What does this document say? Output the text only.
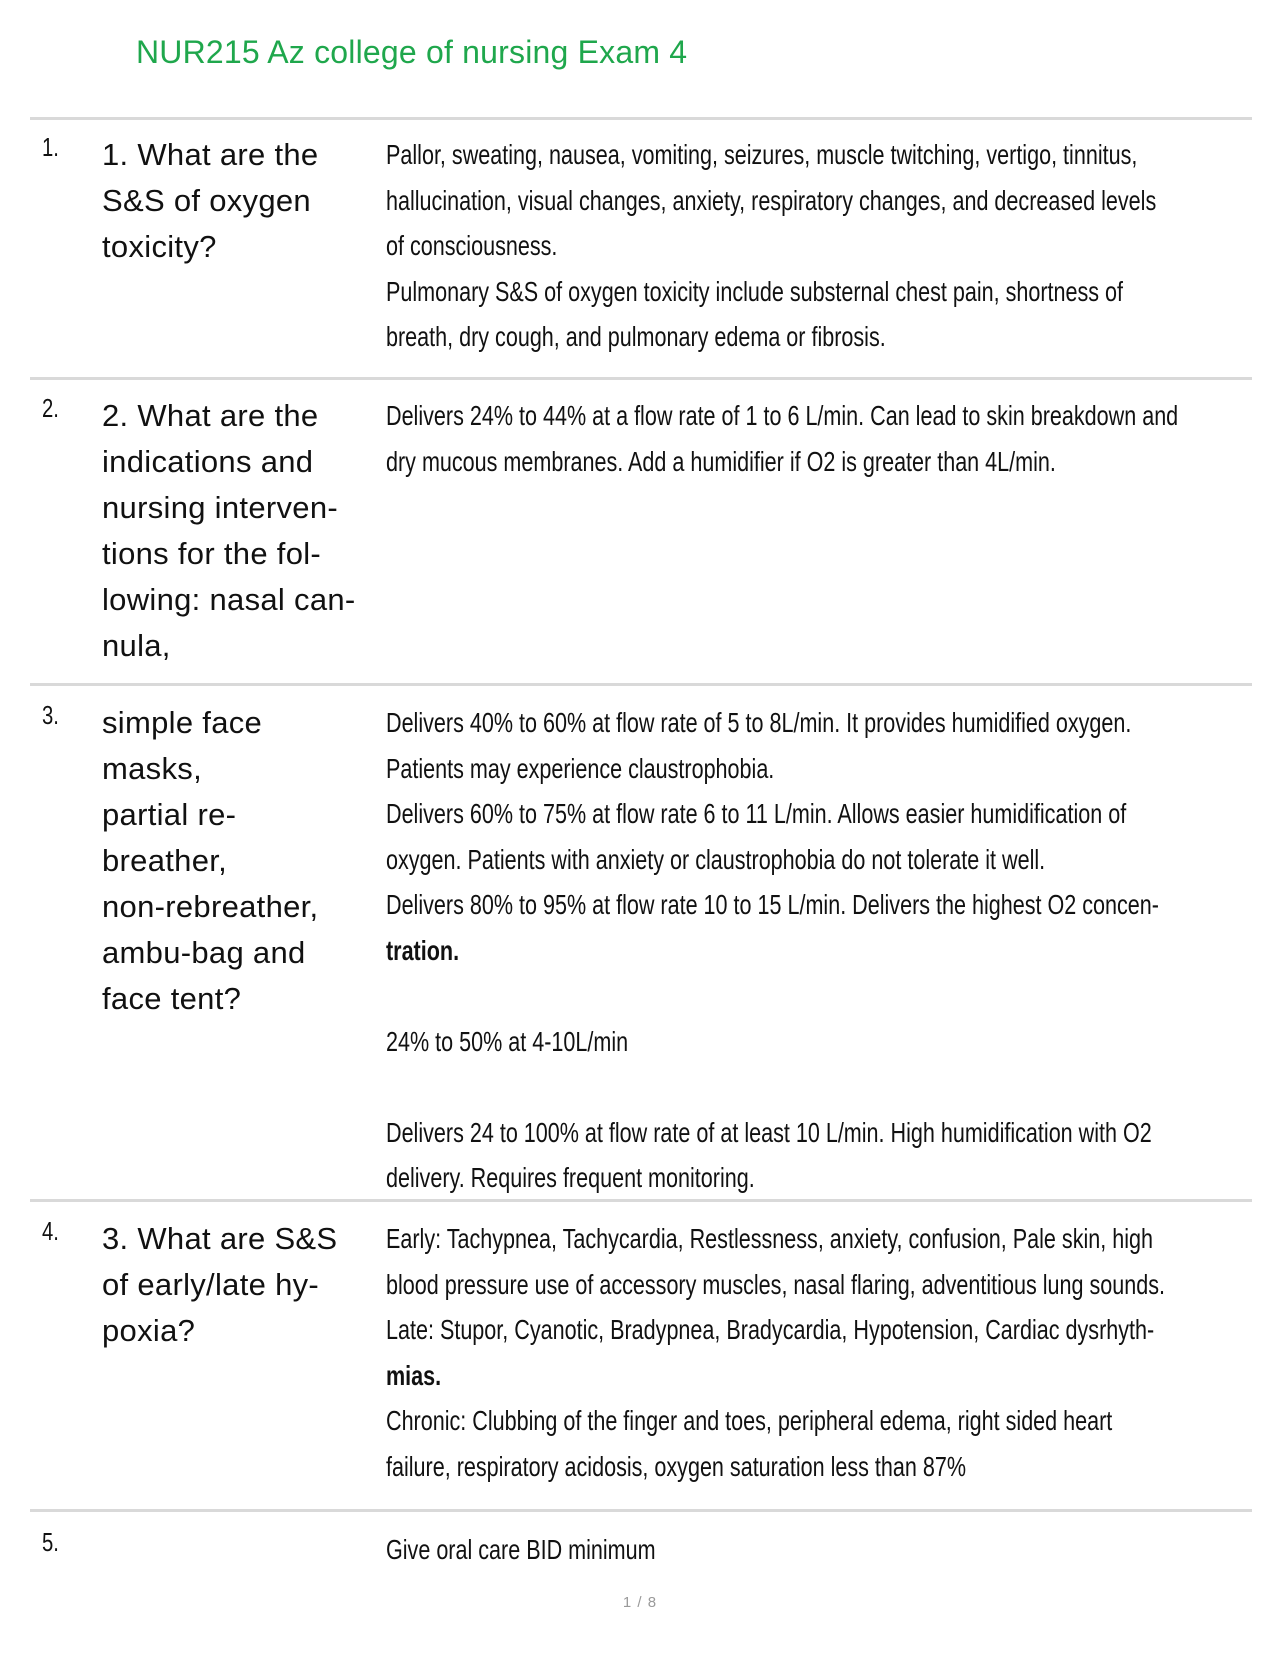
NUR215 Az college of nursing Exam 4
1. 1. What are the
S&S of oxygen
toxicity?
Pallor, sweating, nausea, vomiting, seizures, muscle twitching, vertigo, tinnitus,
hallucination, visual changes, anxiety, respiratory changes, and decreased levels
of consciousness.
Pulmonary S&S of oxygen toxicity include substernal chest pain, shortness of
breath, dry cough, and pulmonary edema or fibrosis.
2. 2. What are the
indications and
nursing interven-
tions for the fol-
lowing: nasal can-
nula,
Delivers 24% to 44% at a flow rate of 1 to 6 L/min. Can lead to skin breakdown and
dry mucous membranes. Add a humidifier if O2 is greater than 4L/min.
3. simple face
masks,
partial re-
breather,
non-rebreather,
ambu-bag and
face tent?
Delivers 40% to 60% at flow rate of 5 to 8L/min. It provides humidified oxygen.
Patients may experience claustrophobia.
Delivers 60% to 75% at flow rate 6 to 11 L/min. Allows easier humidification of
oxygen. Patients with anxiety or claustrophobia do not tolerate it well.
Delivers 80% to 95% at flow rate 10 to 15 L/min. Delivers the highest O2 concen-
tration.
24% to 50% at 4-10L/min
Delivers 24 to 100% at flow rate of at least 10 L/min. High humidification with O2
delivery. Requires frequent monitoring.
4. 3. What are S&S
of early/late hy-
poxia?
Early: Tachypnea, Tachycardia, Restlessness, anxiety, confusion, Pale skin, high
blood pressure use of accessory muscles, nasal flaring, adventitious lung sounds.
Late: Stupor, Cyanotic, Bradypnea, Bradycardia, Hypotension, Cardiac dysrhyth-
mias.
Chronic: Clubbing of the finger and toes, peripheral edema, right sided heart
failure, respiratory acidosis, oxygen saturation less than 87%
5.	Give oral care BID minimum
1 / 8
